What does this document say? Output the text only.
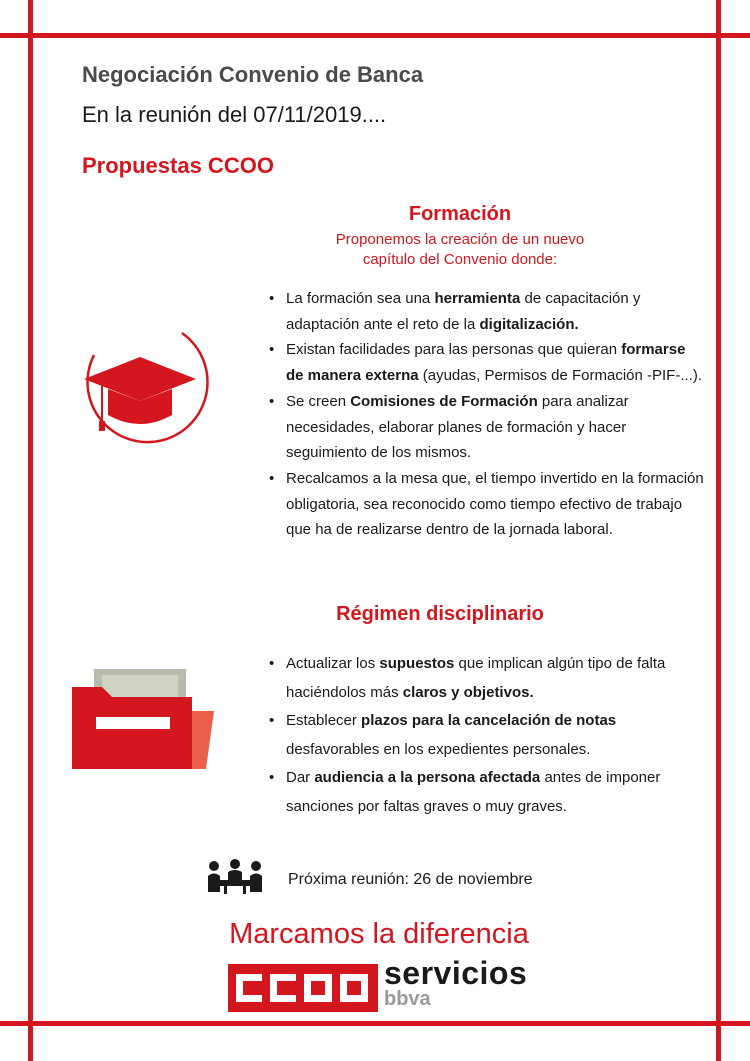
Negociación Convenio de Banca
En la reunión del 07/11/2019....
Propuestas CCOO
Formación
Proponemos la creación de un nuevo
capítulo del Convenio donde:
• La formación sea una herramienta de capacitación y adaptación ante el reto de la digitalización.
• Existan facilidades para las personas que quieran formarse de manera externa (ayudas, Permisos de Formación -PIF-...).
• Se creen Comisiones de Formación para analizar necesidades, elaborar planes de formación y hacer seguimiento de los mismos.
• Recalcamos a la mesa que, el tiempo invertido en la formación obligatoria, sea reconocido como tiempo efectivo de trabajo que ha de realizarse dentro de la jornada laboral.
Régimen disciplinario
• Actualizar los supuestos que implican algún tipo de falta haciéndolos más claros y objetivos.
• Establecer plazos para la cancelación de notas desfavorables en los expedientes personales.
• Dar audiencia a la persona afectada antes de imponer sanciones por faltas graves o muy graves.
Próxima reunión: 26 de noviembre
Marcamos la diferencia
servicios
bbva
